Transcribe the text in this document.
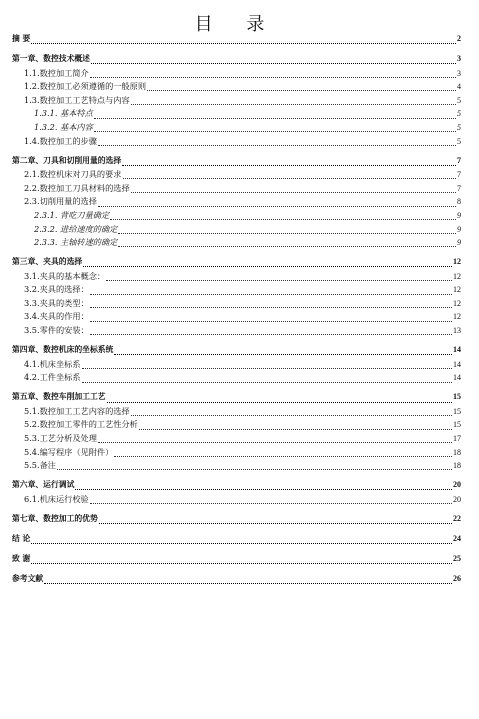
目 录
摘 要	2
第一章、数控技术概述	3
1.1.数控加工简介	3
1.2.数控加工必须遵循的一般原则	4
1.3.数控加工工艺特点与内容	5
1.3.1. 基本特点	5
1.3.2. 基本内容	5
1.4.数控加工的步骤	5
第二章、刀具和切削用量的选择	7
2.1.数控机床对刀具的要求	7
2.2.数控加工刀具材料的选择	7
2.3.切削用量的选择	8
2.3.1. 背吃刀量确定	9
2.3.2. 进给速度的确定	9
2.3.3. 主轴转速的确定	9
第三章、夹具的选择	12
3.1.夹具的基本概念：	12
3.2.夹具的选择：	12
3.3.夹具的类型：	12
3.4.夹具的作用：	12
3.5.零件的安装：	13
第四章、数控机床的坐标系统	14
4.1.机床坐标系	14
4.2.工件坐标系	14
第五章、数控车削加工工艺	15
5.1.数控加工工艺内容的选择	15
5.2.数控加工零件的工艺性分析	15
5.3.工艺分析及处理	17
5.4.编写程序（见附件）	18
5.5.备注	18
第六章、运行调试	20
6.1.机床运行校验	20
第七章、数控加工的优势	22
结 论	24
致 谢	25
参考文献	26
